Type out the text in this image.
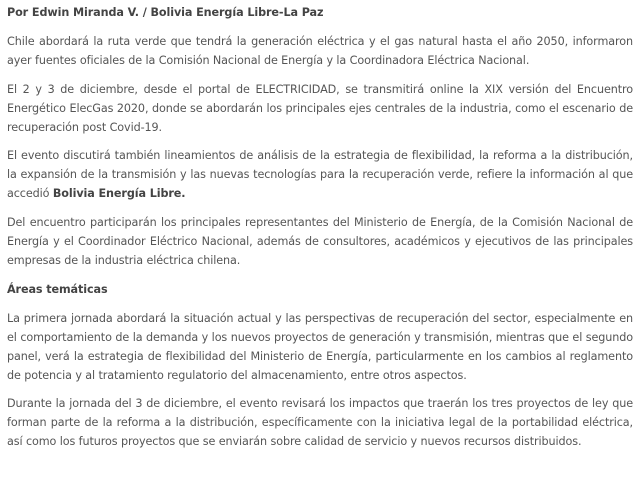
Por Edwin Miranda V. / Bolivia Energía Libre-La Paz

Chile abordará la ruta verde que tendrá la generación eléctrica y el gas natural hasta el año 2050, informaron ayer fuentes oficiales de la Comisión Nacional de Energía y la Coordinadora Eléctrica Nacional.

El 2 y 3 de diciembre, desde el portal de ELECTRICIDAD, se transmitirá online la XIX versión del Encuentro Energético ElecGas 2020, donde se abordarán los principales ejes centrales de la industria, como el escenario de recuperación post Covid-19.

El evento discutirá también lineamientos de análisis de la estrategia de flexibilidad, la reforma a la distribución, la expansión de la transmisión y las nuevas tecnologías para la recuperación verde, refiere la información al que accedió Bolivia Energía Libre.

Del encuentro participarán los principales representantes del Ministerio de Energía, de la Comisión Nacional de Energía y el Coordinador Eléctrico Nacional, además de consultores, académicos y ejecutivos de las principales empresas de la industria eléctrica chilena.

Áreas temáticas

La primera jornada abordará la situación actual y las perspectivas de recuperación del sector, especialmente en el comportamiento de la demanda y los nuevos proyectos de generación y transmisión, mientras que el segundo panel, verá la estrategia de flexibilidad del Ministerio de Energía, particularmente en los cambios al reglamento de potencia y al tratamiento regulatorio del almacenamiento, entre otros aspectos.

Durante la jornada del 3 de diciembre, el evento revisará los impactos que traerán los tres proyectos de ley que forman parte de la reforma a la distribución, específicamente con la iniciativa legal de la portabilidad eléctrica, así como los futuros proyectos que se enviarán sobre calidad de servicio y nuevos recursos distribuidos.
